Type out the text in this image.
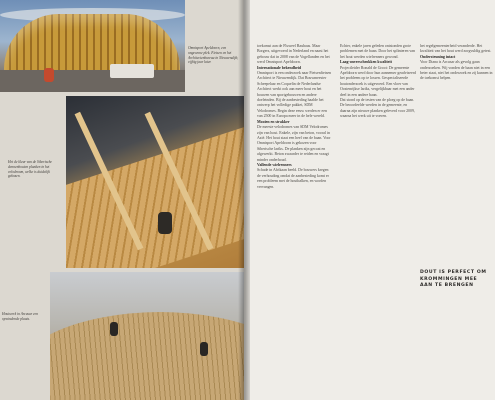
Omnisport Apeldoorn, een ongewone plek. Fietsen en het Architectenbureau in Nieuwendijk; vijftig jaar later.
Het de kleur van de Siberische dennenhouten planken in het velodroom, welke is duidelijk gekozen.
Houtwerk in Arcusar een opwindende plaats.

toekomst aan de Fluweel Bauhaus. Maar Borgers, uitgevoerd in Nederland en naast het gebouw dat in 2008 van de Vogellanden en het werd Omnisport Apeldoorn.

Internationale bekendheid

Omnisport is een onderzoek naar Fietsenfietsen Architect te Nieuwendijk. Dat Bouwmeester Scheepelaar en Coquelin de Nederlandse Architect werkt ook aan meer hout en het bouwen van sportgebouwen en andere doeleinden. Bij de aanbesteding haalde het ontwerp het volledige pakket, SDM Velodromes. Begin deze eeuw werden er een van 2500 in Europa meer in de hele wereld.

Mooien en strakker

De meeste velodromes van SDM Velodromes zijn van hout. Enkele, zijn van beton, vooral in Azië. Het hout staat een heel van de baan. Voor Omnisport Apeldoorn is gekozen voor Siberische lariks. De planken zijn gecoat en afgewerkt. Beton zwaarder te reiden en vraagt minder onderhoud.

Vallende wielrenners

Schade in Afrikaan beeld. De bouwers kregen de verhouding omdat de aanbesteding komt er een probleem met de houtbalken, en worden vervangen.

Echter, enkele jaren geleden ontstonden grote problemen met de baan. Door het splinteren van het hout werden wielrenners gewond.

Laag-onverschrokken kwaliteit

Projectleider Ronald de Groot: De gemeente Apeldoorn werd door hun aannemer geadviseerd het probleem op te lossen. Gespecialiseerde houtonderzoek is uitgevoerd. Een vloer van Oostenrijkse lariks, vergelijkbaar met een ander deel in een andere baan.

Dat stond op de testen van de ploeg op de baan. De beoordeelde werden in de gemeente, en daarna zijn nieuwe planken geleverd voor 2009, waarna het werk uit te voeren.

het regelgemeenterheid veranderde. Het kwaliteit van het hout werd zorgvuldig getest.

Ondersteuning intact

Voor Diana is Arcusar als gevolg gaan onderzoeken. Wij vonden de baan niet in een beter staat, niet het onderzoek en zij kunnen in de toekomst helpen.

DOUT IS PERFECT OM KROMMINGEN MEE AAN TE BRENGEN
